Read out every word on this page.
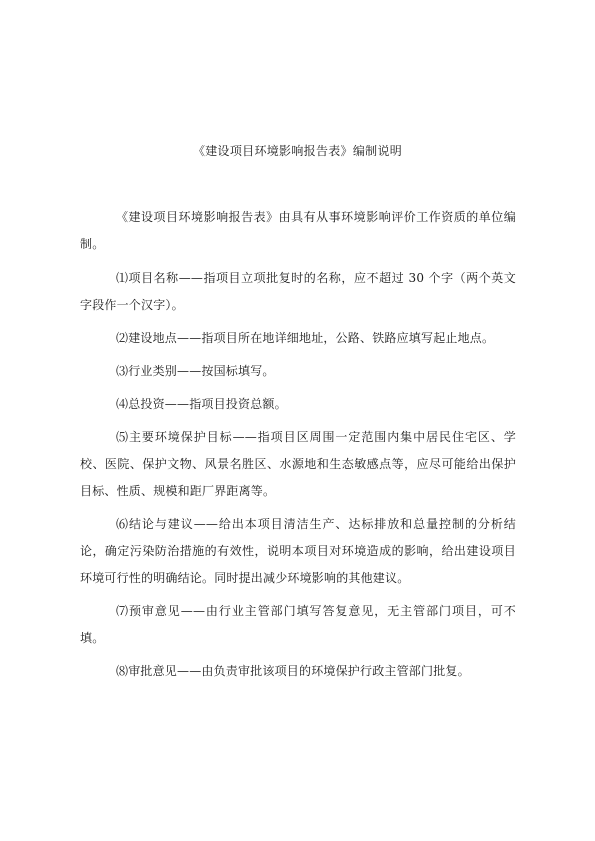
《建设项目环境影响报告表》编制说明

《建设项目环境影响报告表》由具有从事环境影响评价工作资质的单位编制。

⑴项目名称——指项目立项批复时的名称，应不超过 30 个字（两个英文字段作一个汉字）。

⑵建设地点——指项目所在地详细地址，公路、铁路应填写起止地点。

⑶行业类别——按国标填写。

⑷总投资——指项目投资总额。

⑸主要环境保护目标——指项目区周围一定范围内集中居民住宅区、学校、医院、保护文物、风景名胜区、水源地和生态敏感点等，应尽可能给出保护目标、性质、规模和距厂界距离等。

⑹结论与建议——给出本项目清洁生产、达标排放和总量控制的分析结论，确定污染防治措施的有效性，说明本项目对环境造成的影响，给出建设项目环境可行性的明确结论。同时提出减少环境影响的其他建议。

⑺预审意见——由行业主管部门填写答复意见，无主管部门项目，可不填。

⑻审批意见——由负责审批该项目的环境保护行政主管部门批复。
